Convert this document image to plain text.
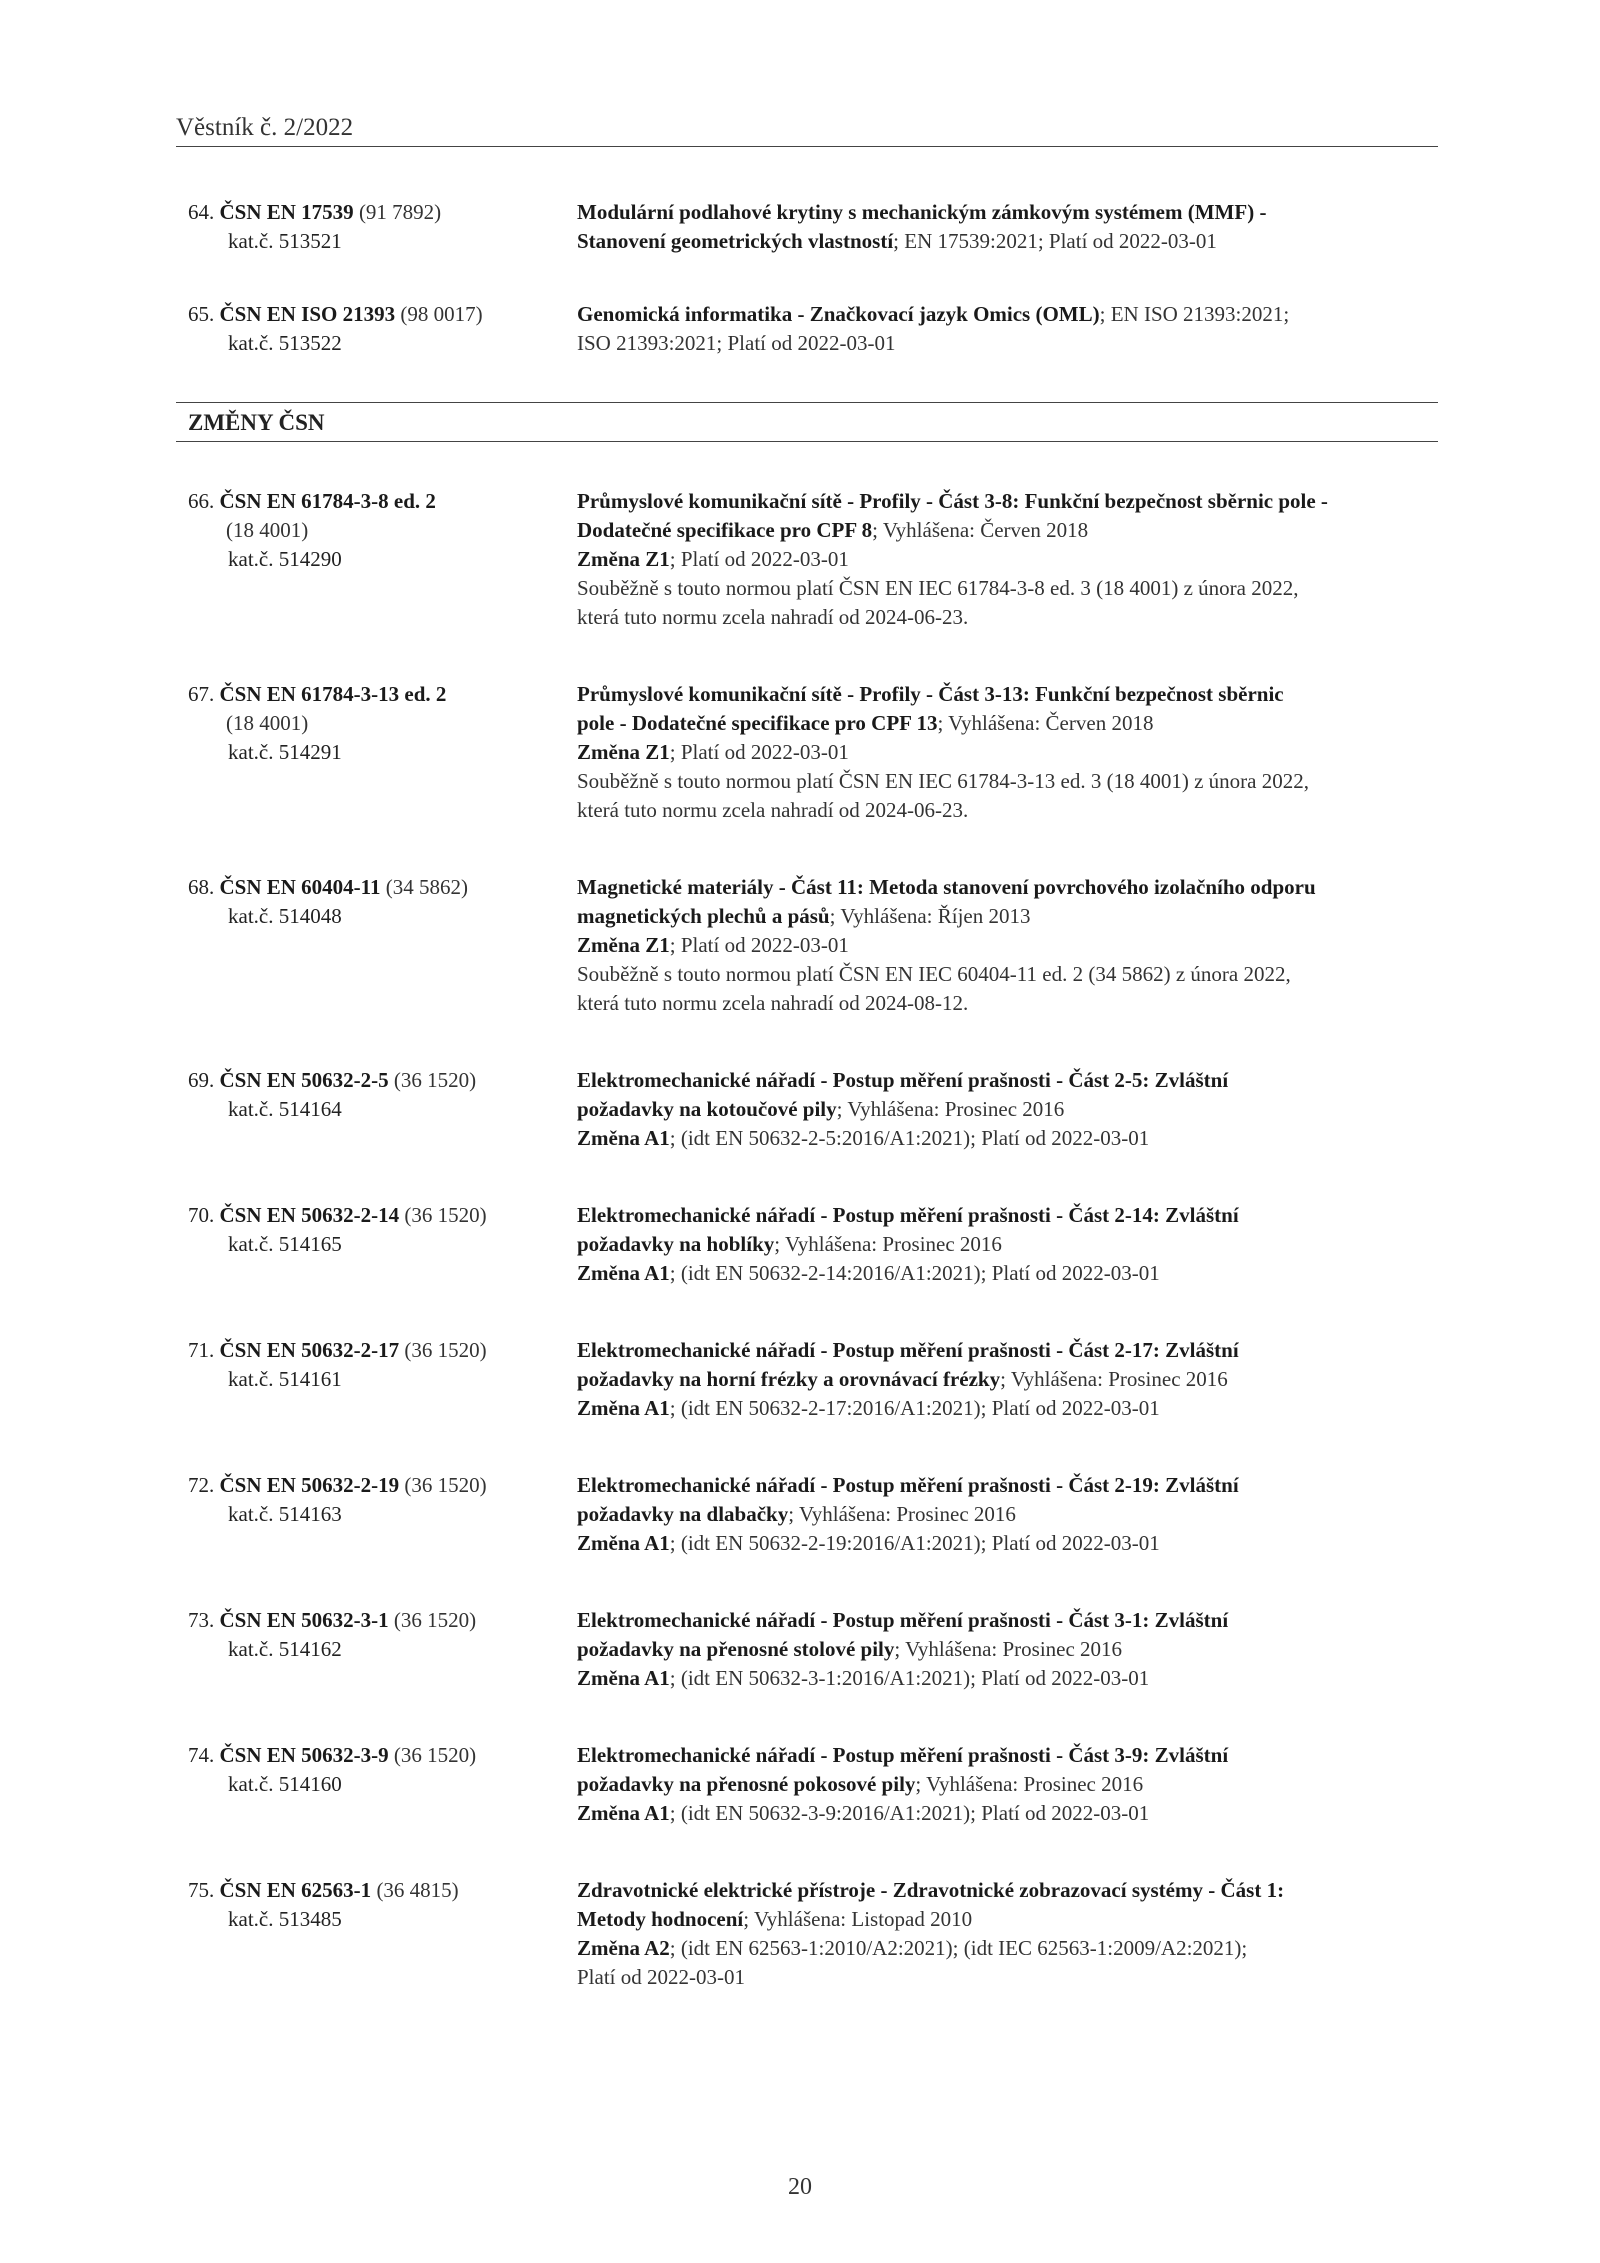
Věstník č. 2/2022
64. ČSN EN 17539 (91 7892)
kat.č. 513521
Modulární podlahové krytiny s mechanickým zámkovým systémem (MMF) -
Stanovení geometrických vlastností; EN 17539:2021; Platí od 2022-03-01
65. ČSN EN ISO 21393 (98 0017)
kat.č. 513522
Genomická informatika - Značkovací jazyk Omics (OML); EN ISO 21393:2021;
ISO 21393:2021; Platí od 2022-03-01
ZMĚNY ČSN
66. ČSN EN 61784-3-8 ed. 2
(18 4001)
kat.č. 514290
Průmyslové komunikační sítě - Profily - Část 3-8: Funkční bezpečnost sběrnic pole -
Dodatečné specifikace pro CPF 8; Vyhlášena: Červen 2018
Změna Z1; Platí od 2022-03-01
Souběžně s touto normou platí ČSN EN IEC 61784-3-8 ed. 3 (18 4001) z února 2022,
která tuto normu zcela nahradí od 2024-06-23.
67. ČSN EN 61784-3-13 ed. 2
(18 4001)
kat.č. 514291
Průmyslové komunikační sítě - Profily - Část 3-13: Funkční bezpečnost sběrnic
pole - Dodatečné specifikace pro CPF 13; Vyhlášena: Červen 2018
Změna Z1; Platí od 2022-03-01
Souběžně s touto normou platí ČSN EN IEC 61784-3-13 ed. 3 (18 4001) z února 2022,
která tuto normu zcela nahradí od 2024-06-23.
68. ČSN EN 60404-11 (34 5862)
kat.č. 514048
Magnetické materiály - Část 11: Metoda stanovení povrchového izolačního odporu
magnetických plechů a pásů; Vyhlášena: Říjen 2013
Změna Z1; Platí od 2022-03-01
Souběžně s touto normou platí ČSN EN IEC 60404-11 ed. 2 (34 5862) z února 2022,
která tuto normu zcela nahradí od 2024-08-12.
69. ČSN EN 50632-2-5 (36 1520)
kat.č. 514164
Elektromechanické nářadí - Postup měření prašnosti - Část 2-5: Zvláštní
požadavky na kotoučové pily; Vyhlášena: Prosinec 2016
Změna A1; (idt EN 50632-2-5:2016/A1:2021); Platí od 2022-03-01
70. ČSN EN 50632-2-14 (36 1520)
kat.č. 514165
Elektromechanické nářadí - Postup měření prašnosti - Část 2-14: Zvláštní
požadavky na hoblíky; Vyhlášena: Prosinec 2016
Změna A1; (idt EN 50632-2-14:2016/A1:2021); Platí od 2022-03-01
71. ČSN EN 50632-2-17 (36 1520)
kat.č. 514161
Elektromechanické nářadí - Postup měření prašnosti - Část 2-17: Zvláštní
požadavky na horní frézky a orovnávací frézky; Vyhlášena: Prosinec 2016
Změna A1; (idt EN 50632-2-17:2016/A1:2021); Platí od 2022-03-01
72. ČSN EN 50632-2-19 (36 1520)
kat.č. 514163
Elektromechanické nářadí - Postup měření prašnosti - Část 2-19: Zvláštní
požadavky na dlabačky; Vyhlášena: Prosinec 2016
Změna A1; (idt EN 50632-2-19:2016/A1:2021); Platí od 2022-03-01
73. ČSN EN 50632-3-1 (36 1520)
kat.č. 514162
Elektromechanické nářadí - Postup měření prašnosti - Část 3-1: Zvláštní
požadavky na přenosné stolové pily; Vyhlášena: Prosinec 2016
Změna A1; (idt EN 50632-3-1:2016/A1:2021); Platí od 2022-03-01
74. ČSN EN 50632-3-9 (36 1520)
kat.č. 514160
Elektromechanické nářadí - Postup měření prašnosti - Část 3-9: Zvláštní
požadavky na přenosné pokosové pily; Vyhlášena: Prosinec 2016
Změna A1; (idt EN 50632-3-9:2016/A1:2021); Platí od 2022-03-01
75. ČSN EN 62563-1 (36 4815)
kat.č. 513485
Zdravotnické elektrické přístroje - Zdravotnické zobrazovací systémy - Část 1:
Metody hodnocení; Vyhlášena: Listopad 2010
Změna A2; (idt EN 62563-1:2010/A2:2021); (idt IEC 62563-1:2009/A2:2021);
Platí od 2022-03-01
20
